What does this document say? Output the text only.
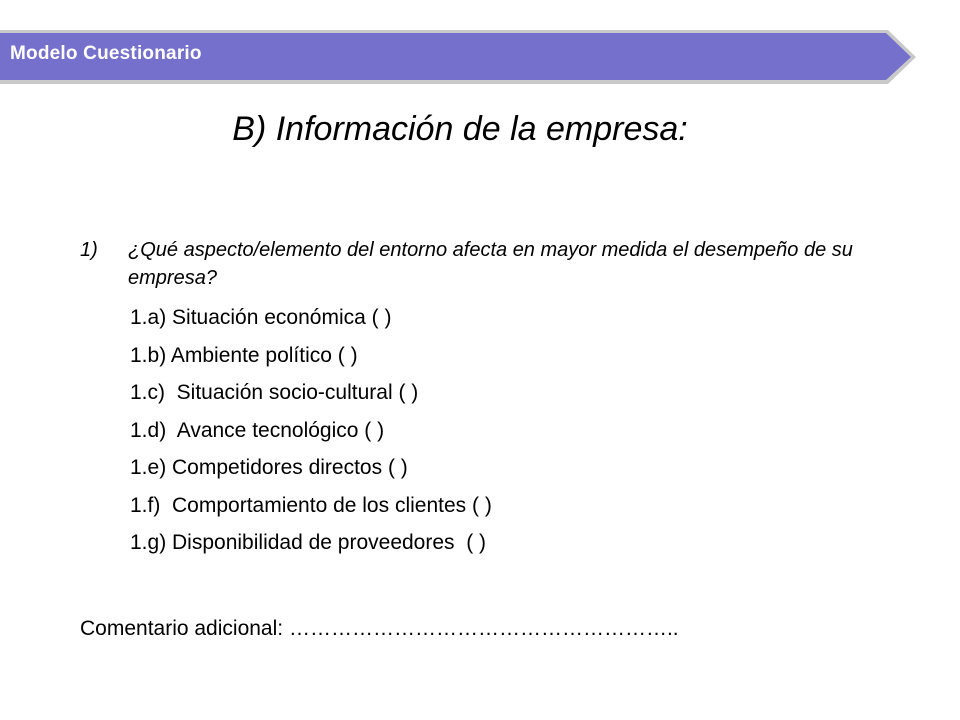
Modelo Cuestionario
B) Información de la empresa:
1) ¿Qué aspecto/elemento del entorno afecta en mayor medida el desempeño de su empresa?
1.a) Situación económica ( )
1.b) Ambiente político ( )
1.c)  Situación socio-cultural ( )
1.d)  Avance tecnológico ( )
1.e) Competidores directos ( )
1.f)  Comportamiento de los clientes ( )
1.g) Disponibilidad de proveedores  ( )
Comentario adicional: ………………………………………………..
